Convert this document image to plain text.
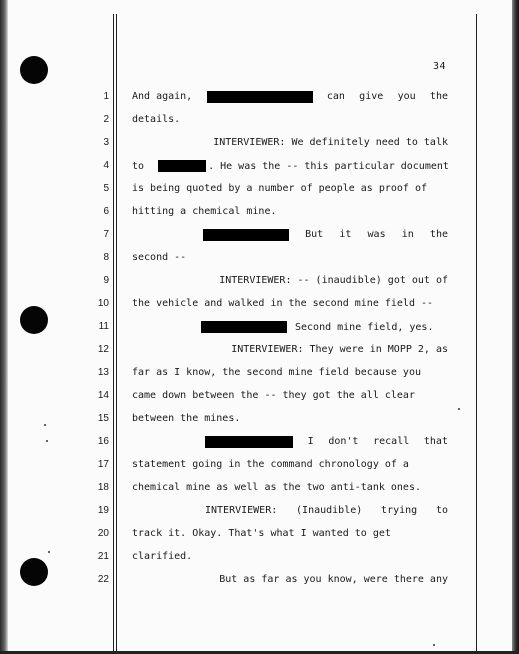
34
1
2
3
4
5
6
7
8
9
10
11
12
13
14
15
16
17
18
19
20
21
22
And again,	can give you the
details.
INTERVIEWER: We definitely need to talk
to	. He was the -- this particular document
is being quoted by a number of people as proof of
hitting a chemical mine.
But it was in the
second --
INTERVIEWER: -- (inaudible) got out of
the vehicle and walked in the second mine field --
Second mine field, yes.
INTERVIEWER: They were in MOPP 2, as
far as I know, the second mine field because you
came down between the -- they got the all clear
between the mines.
I don't recall that
statement going in the command chronology of a
chemical mine as well as the two anti-tank ones.
INTERVIEWER: (Inaudible) trying to
track it. Okay. That's what I wanted to get
clarified.
But as far as you know, were there any
